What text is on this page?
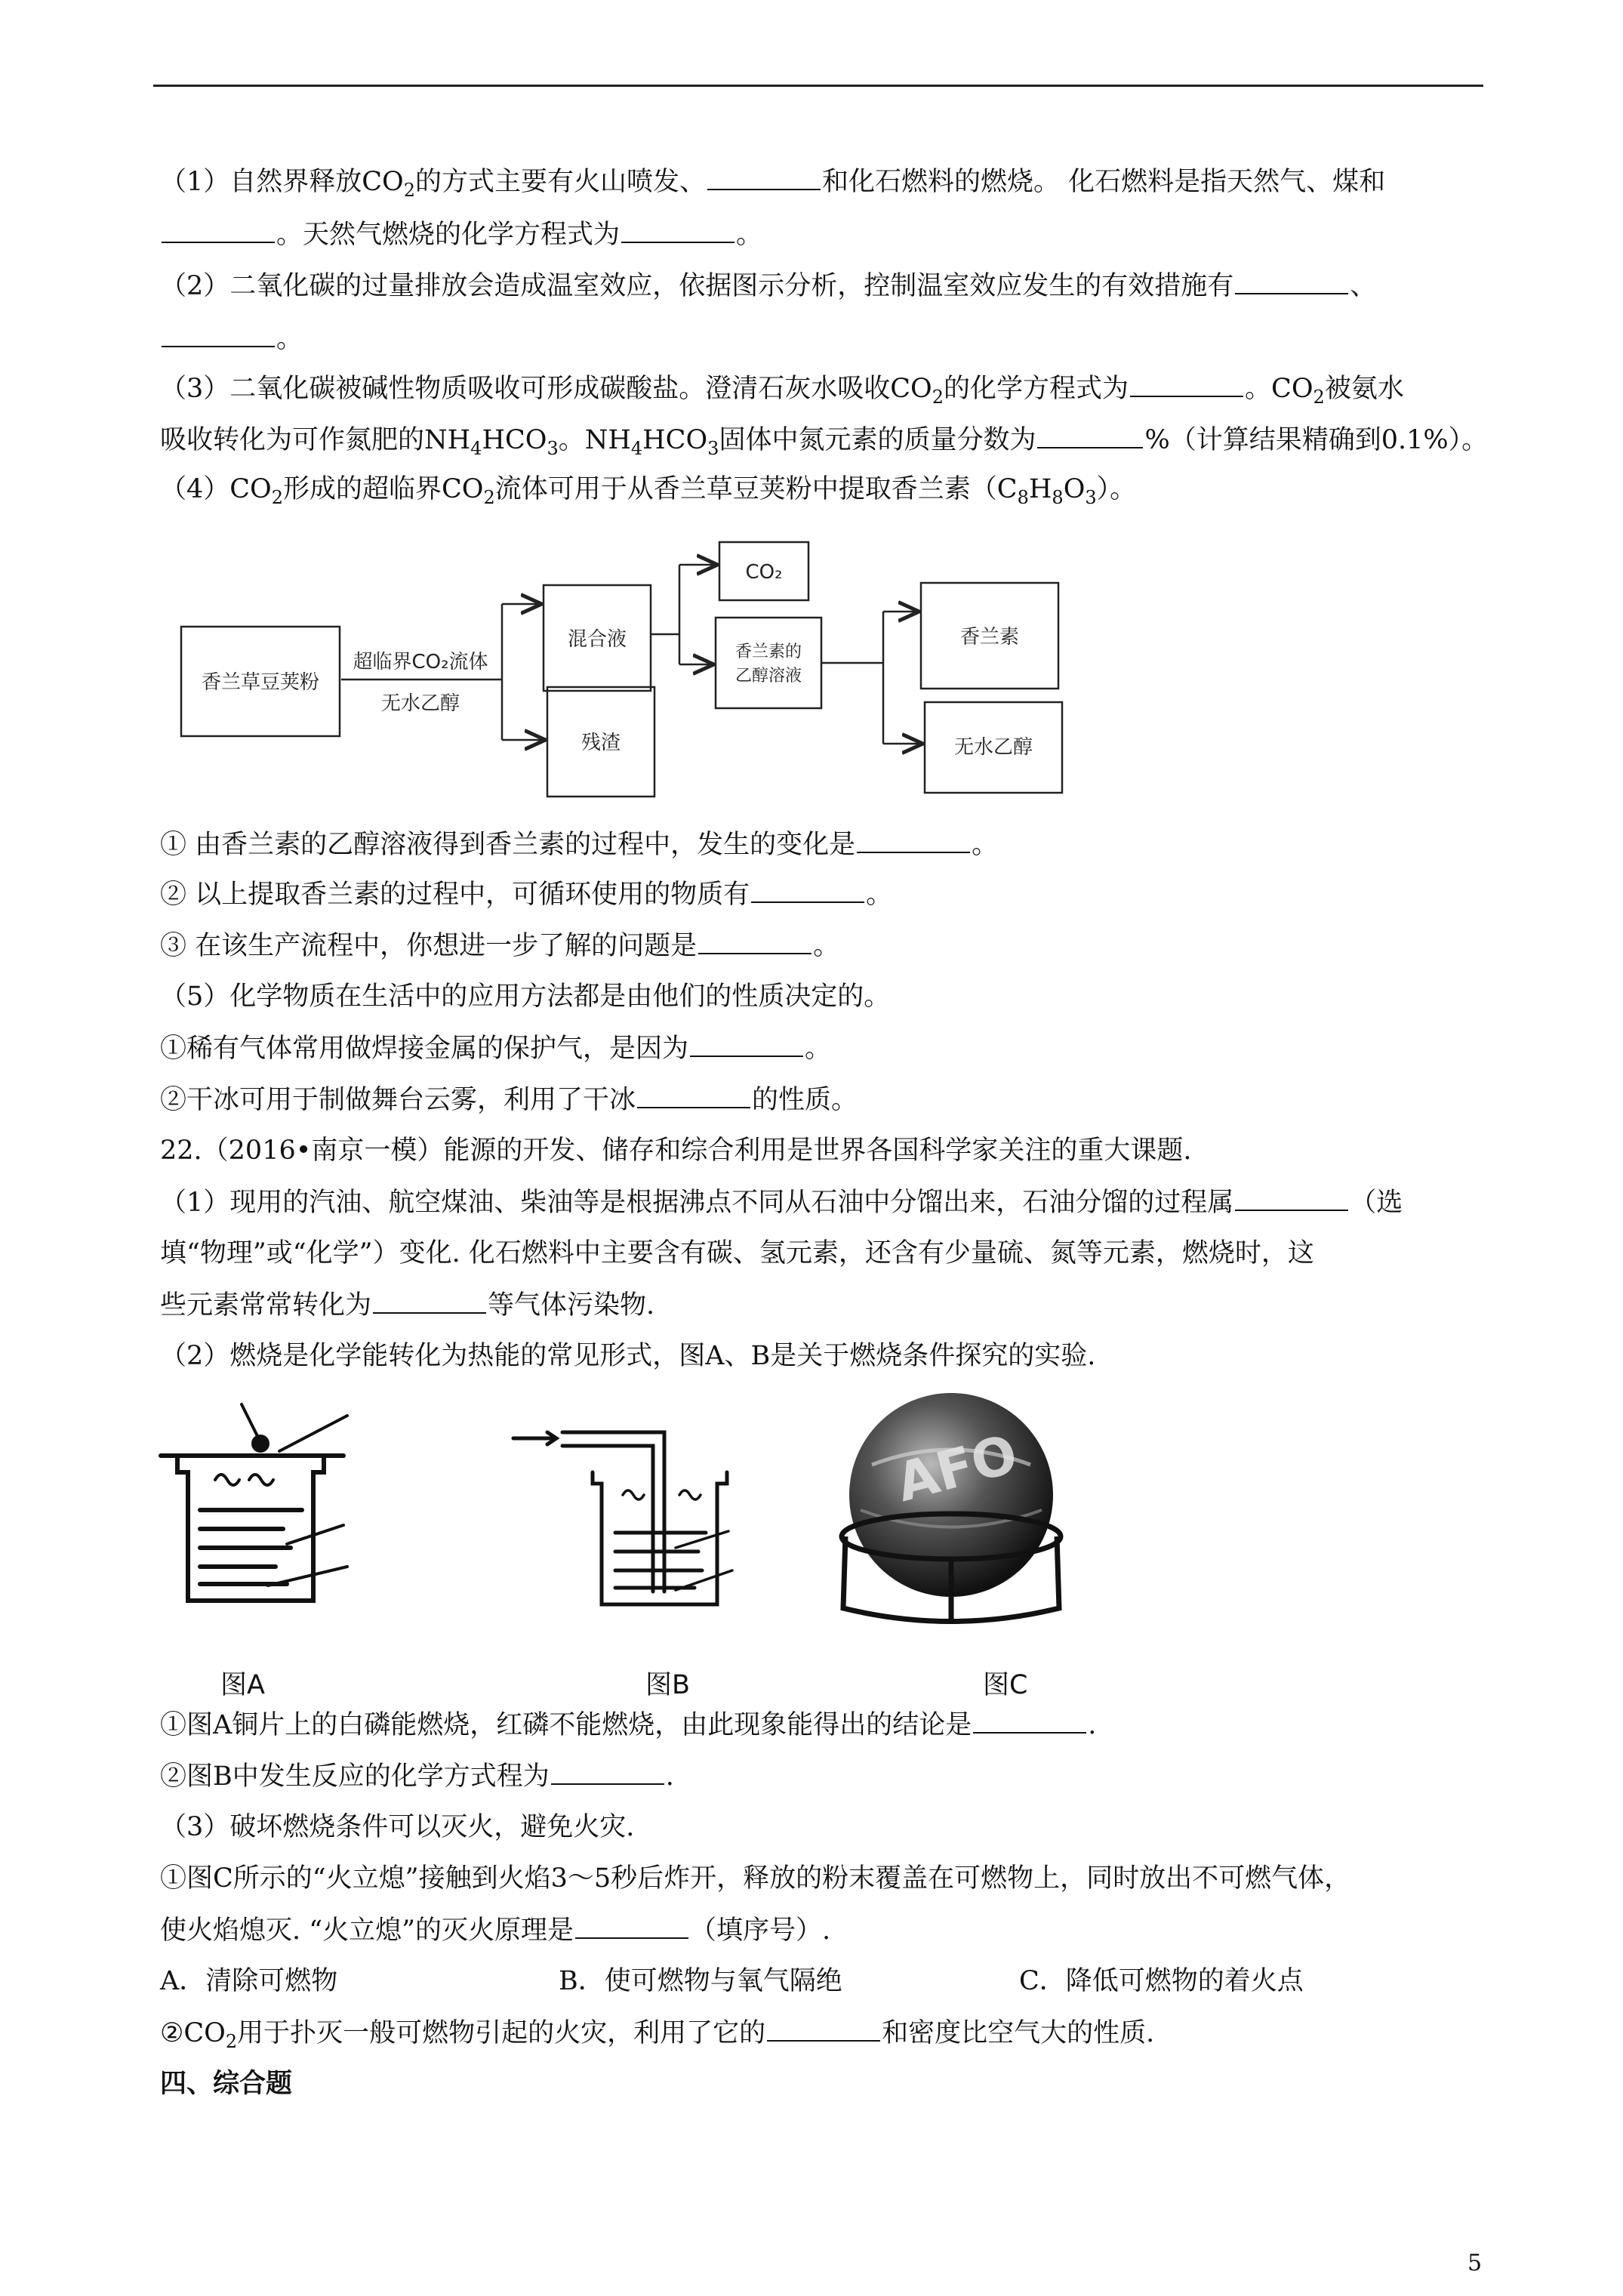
（1）自然界释放$CO_2$的方式主要有火山喷发、	和化石燃料的燃烧。 化石燃料是指天然气、煤和
。天然气燃烧的化学方程式为	。
（2）二氧化碳的过量排放会造成温室效应，依据图示分析，控制温室效应发生的有效措施有	、
。
（3）二氧化碳被碱性物质吸收可形成碳酸盐。澄清石灰水吸收$CO_2$的化学方程式为	。$CO_2$被氨水
吸收转化为可作氮肥的$NH_4HCO_3$。$NH_4HCO_3$固体中氮元素的质量分数为	%（计算结果精确到0.1%）。
$(4)CO_2$形成的超临界$CO_2$流体可用于从香兰草豆荚粉中提取香兰素$(C_8H_8O_3)$。
香兰草豆荚粉
超临界CO₂流体
无水乙醇
混合液
残渣
CO₂
香兰素的
乙醇溶液
香兰素
无水乙醇
① 由香兰素的乙醇溶液得到香兰素的过程中，发生的变化是	。
② 以上提取香兰素的过程中，可循环使用的物质有	。
③ 在该生产流程中，你想进一步了解的问题是	。
（5）化学物质在生活中的应用方法都是由他们的性质决定的。
①稀有气体常用做焊接金属的保护气，是因为	。
②干冰可用于制做舞台云雾，利用了干冰	的性质。
22.（2016•南京一模）能源的开发、储存和综合利用是世界各国科学家关注的重大课题.
（1）现用的汽油、航空煤油、柴油等是根据沸点不同从石油中分馏出来，石油分馏的过程属	（选
填“物理”或“化学”）变化. 化石燃料中主要含有碳、氢元素，还含有少量硫、氮等元素，燃烧时，这
些元素常常转化为	等气体污染物.
（2）燃烧是化学能转化为热能的常见形式，图A、B是关于燃烧条件探究的实验.
图A	图B
AFO
图C
①图A铜片上的白磷能燃烧，红磷不能燃烧，由此现象能得出的结论是	.
②图B中发生反应的化学方式程为	.
（3）破坏燃烧条件可以灭火，避免火灾.
①图C所示的“火立熄”接触到火焰3～5秒后炸开，释放的粉末覆盖在可燃物上，同时放出不可燃气体，
使火焰熄灭. “火立熄”的灭火原理是	（填序号）.
A．清除可燃物	B．使可燃物与氧气隔绝	C．降低可燃物的着火点
$②CO_2$用于扑灭一般可燃物引起的火灾，利用了它的	和密度比空气大的性质.
四、综合题
5
